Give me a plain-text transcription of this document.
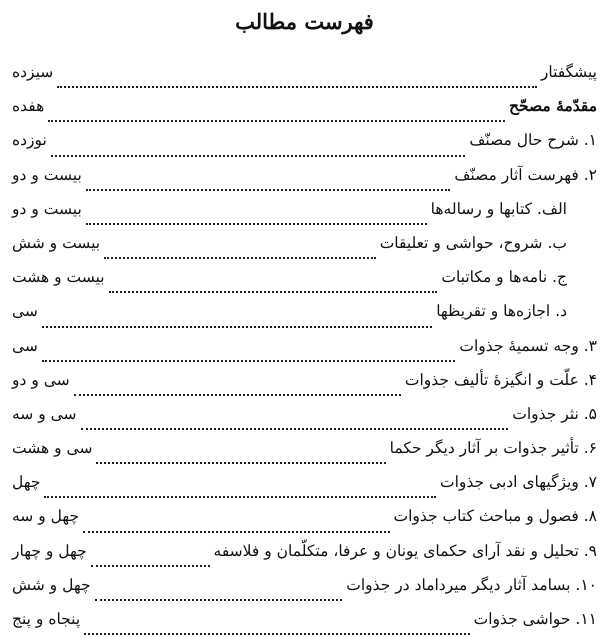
فهرست مطالب
پیشگفتار
سیزده
مقدّمهٔ مصحّح
هفده
۱. شرح حال مصنّف
نوزده
۲. فهرست آثار مصنّف
بیست و دو
الف. کتابها و رسالەها
بیست و دو
ب. شروح، حواشی و تعلیقات
بیست و شش
ج. نامەها و مکاتبات
بیست و هشت
د. اجازەها و تقریظها
سی
۳. وجه تسمیهٔ جذوات
سی
۴. علّت و انگیزهٔ تألیف جذوات
سی و دو
۵. نثر جذوات
سی و سه
۶. تأثیر جذوات بر آثار دیگر حکما
سی و هشت
۷. ویژگیهای ادبی جذوات
چهل
۸. فصول و مباحث کتاب جذوات
چهل و سه
۹. تحلیل و نقد آرای حکمای یونان و عرفا، متکلّمان و فلاسفه
چهل و چهار
۱۰. بسامد آثار دیگر میرداماد در جذوات
چهل و شش
۱۱. حواشی جذوات
پنجاه و پنج
